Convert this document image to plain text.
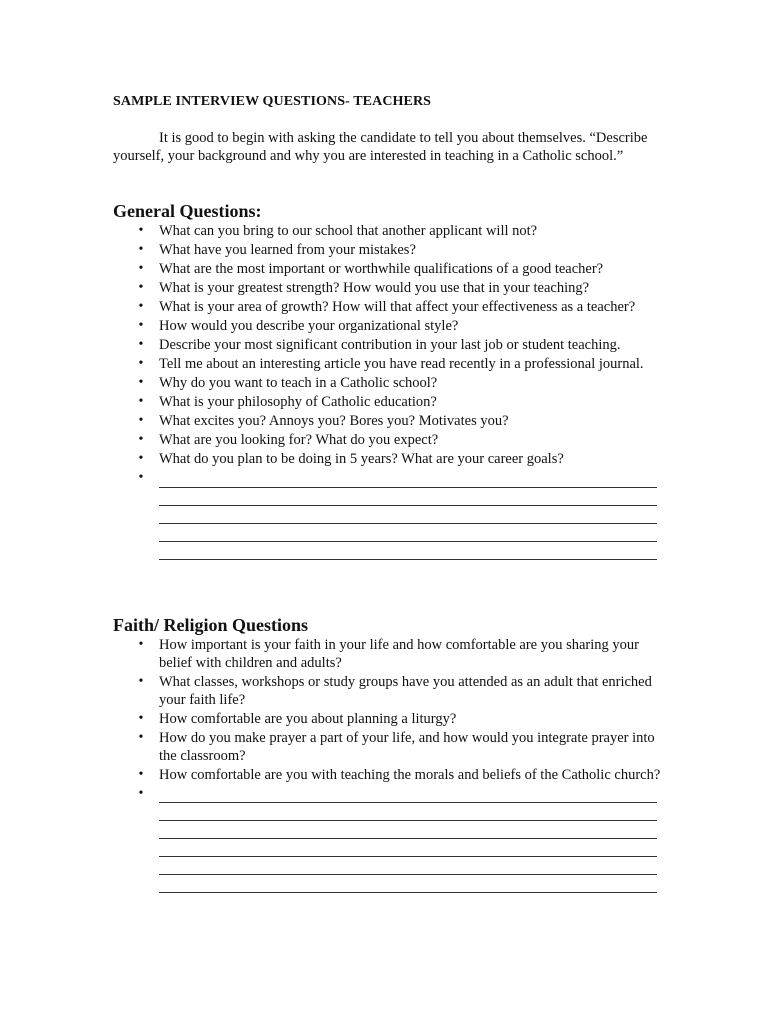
SAMPLE INTERVIEW QUESTIONS- TEACHERS

It is good to begin with asking the candidate to tell you about themselves. “Describe yourself, your background and why you are interested in teaching in a Catholic school.”

General Questions:
• What can you bring to our school that another applicant will not?
• What have you learned from your mistakes?
• What are the most important or worthwhile qualifications of a good teacher?
• What is your greatest strength? How would you use that in your teaching?
• What is your area of growth? How will that affect your effectiveness as a teacher?
• How would you describe your organizational style?
• Describe your most significant contribution in your last job or student teaching.
• Tell me about an interesting article you have read recently in a professional journal.
• Why do you want to teach in a Catholic school?
• What is your philosophy of Catholic education?
• What excites you? Annoys you? Bores you? Motivates you?
• What are you looking for? What do you expect?
• What do you plan to be doing in 5 years? What are your career goals?
•
Faith/ Religion Questions
• How important is your faith in your life and how comfortable are you sharing your belief with children and adults?
• What classes, workshops or study groups have you attended as an adult that enriched your faith life?
• How comfortable are you about planning a liturgy?
• How do you make prayer a part of your life, and how would you integrate prayer into the classroom?
• How comfortable are you with teaching the morals and beliefs of the Catholic church?
•
